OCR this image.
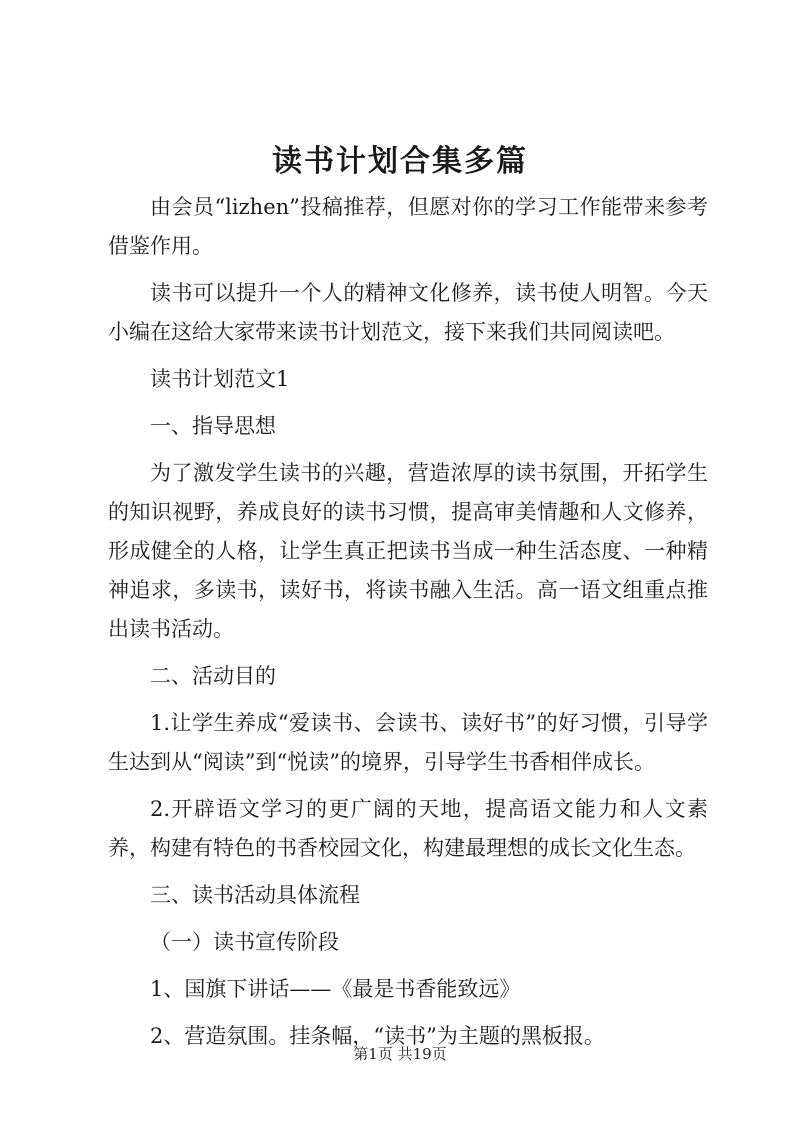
读书计划合集多篇

由会员“lizhen”投稿推荐，但愿对你的学习工作能带来参考借鉴作用。

读书可以提升一个人的精神文化修养，读书使人明智。今天小编在这给大家带来读书计划范文，接下来我们共同阅读吧。

读书计划范文1

一、指导思想

为了激发学生读书的兴趣，营造浓厚的读书氛围，开拓学生的知识视野，养成良好的读书习惯，提高审美情趣和人文修养，形成健全的人格，让学生真正把读书当成一种生活态度、一种精神追求，多读书，读好书，将读书融入生活。高一语文组重点推出读书活动。

二、活动目的

1.让学生养成“爱读书、会读书、读好书”的好习惯，引导学生达到从“阅读”到“悦读”的境界，引导学生书香相伴成长。

2.开辟语文学习的更广阔的天地，提高语文能力和人文素养，构建有特色的书香校园文化，构建最理想的成长文化生态。

三、读书活动具体流程

（一）读书宣传阶段

1、国旗下讲话——《最是书香能致远》

2、营造氛围。挂条幅，“读书”为主题的黑板报。

第1页 共19页
